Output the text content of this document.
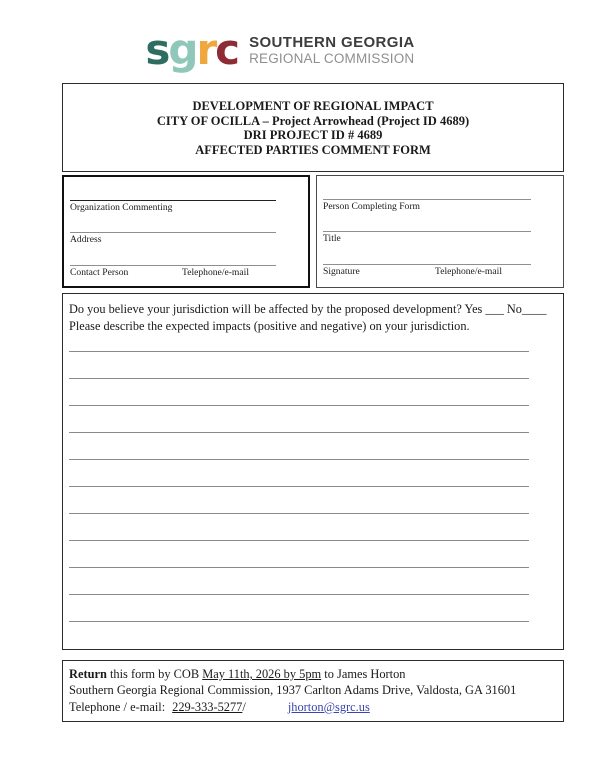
s g r c SOUTHERN GEORGIA
REGIONAL COMMISSION
DEVELOPMENT OF REGIONAL IMPACT
CITY OF OCILLA – Project Arrowhead (Project ID 4689)
DRI PROJECT ID # 4689
AFFECTED PARTIES COMMENT FORM
Organization Commenting
Address
Contact Person	Telephone/e-mail
Person Completing Form
Title
Signature	Telephone/e-mail
Do you believe your jurisdiction will be affected by the proposed development? Yes ___ No____
Please describe the expected impacts (positive and negative) on your jurisdiction.
Return this form by COB May 11th, 2026 by 5pm to James Horton
Southern Georgia Regional Commission, 1937 Carlton Adams Drive, Valdosta, GA 31601
Telephone / e-mail: 229-333-5277/	jhorton@sgrc.us
